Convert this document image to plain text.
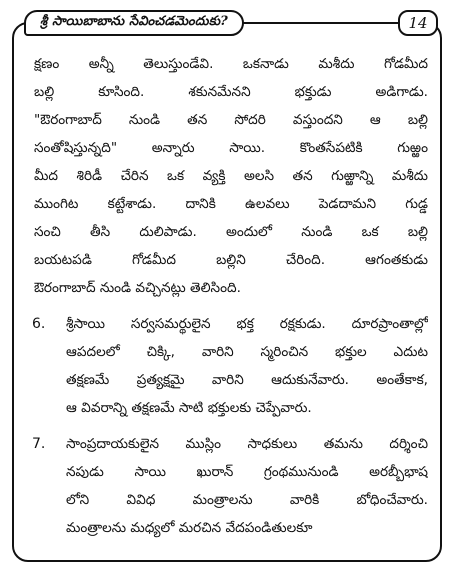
శ్రీ సాయిబాబాను సేవించడమెందుకు?	14
క్షణం అన్నీ తెలుస్తుండేవి. ఒకనాడు మశీదు గోడమీద
బల్లి కూసింది. శకునమేనని భక్తుడు అడిగాడు.
"ఔరంగాబాద్ నుండి తన సోదరి వస్తుందని ఆ బల్లి
సంతోషిస్తున్నది" అన్నారు సాయి. కొంతసేపటికి గుఱ్ఱం
మీద శిరిడీ చేరిన ఒక వ్యక్తి అలసి తన గుఱ్ఱాన్ని మశీదు
ముంగిట కట్టేశాడు. దానికి ఉలవలు పెడదామని గుడ్డ
సంచి తీసి దులిపాడు. అందులో నుండి ఒక బల్లి
బయటపడి గోడమీద బల్లిని చేరింది. ఆగంతకుడు
ఔరంగాబాద్ నుండి వచ్చినట్లు తెలిసింది.
6. శ్రీసాయి సర్వసమర్థులైన భక్త రక్షకుడు. దూరప్రాంతాల్లో
ఆపదలలో చిక్కి, వారిని స్మరించిన భక్తుల ఎదుట
తక్షణమే ప్రత్యక్షమై వారిని ఆదుకునేవారు. అంతేకాక,
ఆ వివరాన్ని తక్షణమే సాటి భక్తులకు చెప్పేవారు.
7. సాంప్రదాయకులైన ముస్లిం సాధకులు తమను దర్శించి
నపుడు సాయి ఖురాన్ గ్రంథమునుండి అరబ్బీభాష
లోని వివిధ మంత్రాలను వారికి బోధించేవారు.
మంత్రాలను మధ్యలో మరచిన వేదపండితులకూ
